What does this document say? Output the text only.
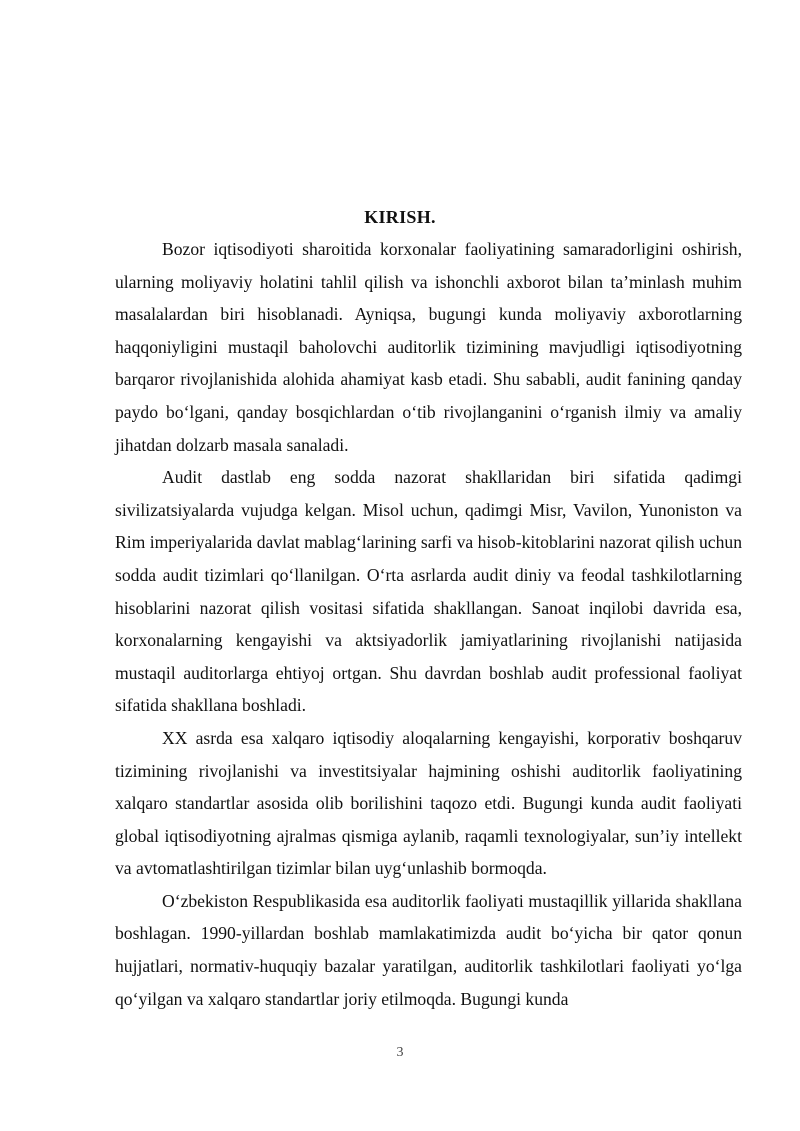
KIRISH.

Bozor iqtisodiyoti sharoitida korxonalar faoliyatining samaradorligini oshirish, ularning moliyaviy holatini tahlil qilish va ishonchli axborot bilan ta’minlash muhim masalalardan biri hisoblanadi. Ayniqsa, bugungi kunda moliyaviy axborotlarning haqqoniyligini mustaqil baholovchi auditorlik tizimining mavjudligi iqtisodiyotning barqaror rivojlanishida alohida ahamiyat kasb etadi. Shu sababli, audit fanining qanday paydo bo‘lgani, qanday bosqichlardan o‘tib rivojlanganini o‘rganish ilmiy va amaliy jihatdan dolzarb masala sanaladi.

Audit dastlab eng sodda nazorat shakllaridan biri sifatida qadimgi sivilizatsiyalarda vujudga kelgan. Misol uchun, qadimgi Misr, Vavilon, Yunoniston va Rim imperiyalarida davlat mablag‘larining sarfi va hisob-kitoblarini nazorat qilish uchun sodda audit tizimlari qo‘llanilgan. O‘rta asrlarda audit diniy va feodal tashkilotlarning hisoblarini nazorat qilish vositasi sifatida shakllangan. Sanoat inqilobi davrida esa, korxonalarning kengayishi va aktsiyadorlik jamiyatlarining rivojlanishi natijasida mustaqil auditorlarga ehtiyoj ortgan. Shu davrdan boshlab audit professional faoliyat sifatida shakllana boshladi.

XX asrda esa xalqaro iqtisodiy aloqalarning kengayishi, korporativ boshqaruv tizimining rivojlanishi va investitsiyalar hajmining oshishi auditorlik faoliyatining xalqaro standartlar asosida olib borilishini taqozo etdi. Bugungi kunda audit faoliyati global iqtisodiyotning ajralmas qismiga aylanib, raqamli texnologiyalar, sun’iy intellekt va avtomatlashtirilgan tizimlar bilan uyg‘unlashib bormoqda.

O‘zbekiston Respublikasida esa auditorlik faoliyati mustaqillik yillarida shakllana boshlagan. 1990-yillardan boshlab mamlakatimizda audit bo‘yicha bir qator qonun hujjatlari, normativ-huquqiy bazalar yaratilgan, auditorlik tashkilotlari faoliyati yo‘lga qo‘yilgan va xalqaro standartlar joriy etilmoqda. Bugungi kunda

3
